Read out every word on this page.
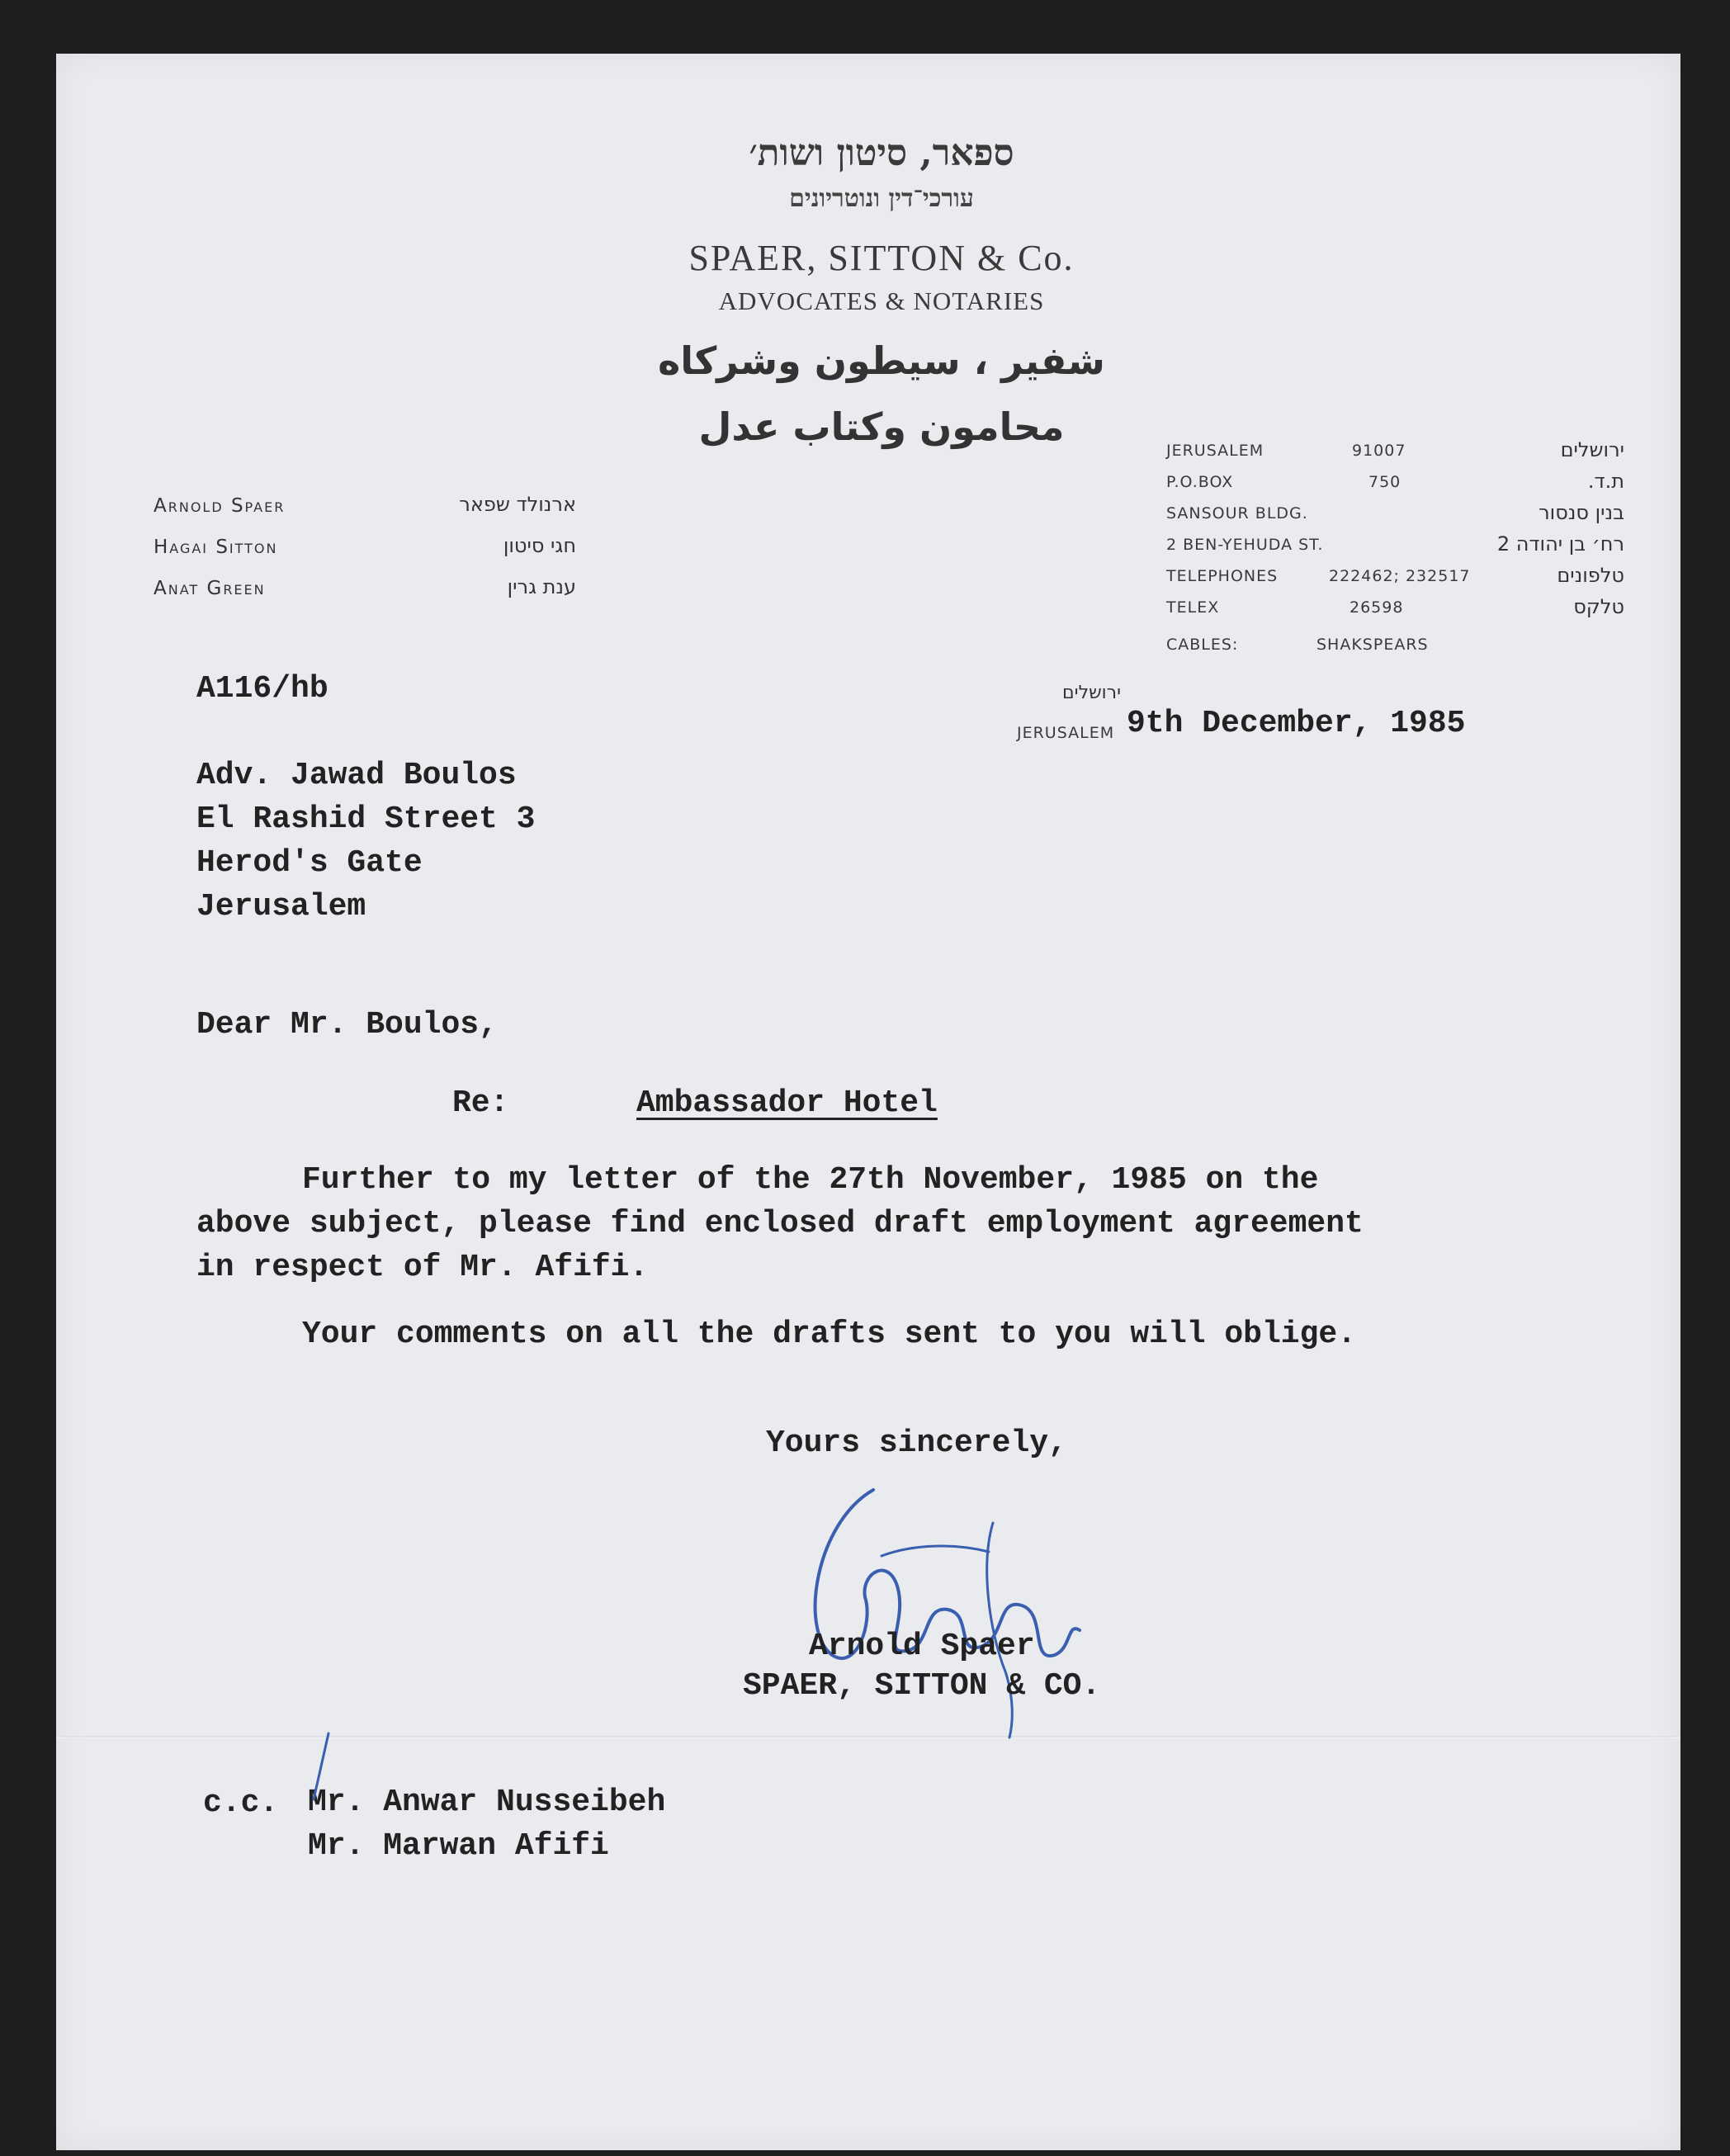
ספאר, סיטון ושות׳
עורכי־דין ונוטריונים
SPAER, SITTON & Co.
ADVOCATES & NOTARIES
شفير ، سيطون وشركاه
محامون وكتاب عدل
Arnold Spaer	ארנולד שפאר
Hagai Sitton	חגי סיטון
Anat Green	ענת גרין
JERUSALEM	91007	ירושלים
P.O.BOX	750	ת.ד.
SANSOUR BLDG.	בנין סנסור
2 BEN-YEHUDA ST.	רח׳ בן יהודה 2
TELEPHONES	222462; 232517	טלפונים
TELEX	26598	טלקס
CABLES:	SHAKSPEARS
A116/hb	ירושלים
JERUSALEM 9th December, 1985
Adv. Jawad Boulos
El Rashid Street 3
Herod's Gate
Jerusalem
Dear Mr. Boulos,
Re:	Ambassador Hotel
Further to my letter of the 27th November, 1985 on the
above subject, please find enclosed draft employment agreement
in respect of Mr. Afifi.
Your comments on all the drafts sent to you will oblige.
Yours sincerely,
Arnold Spaer
SPAER, SITTON & CO.
c.c. Mr. Anwar Nusseibeh
Mr. Marwan Afifi
